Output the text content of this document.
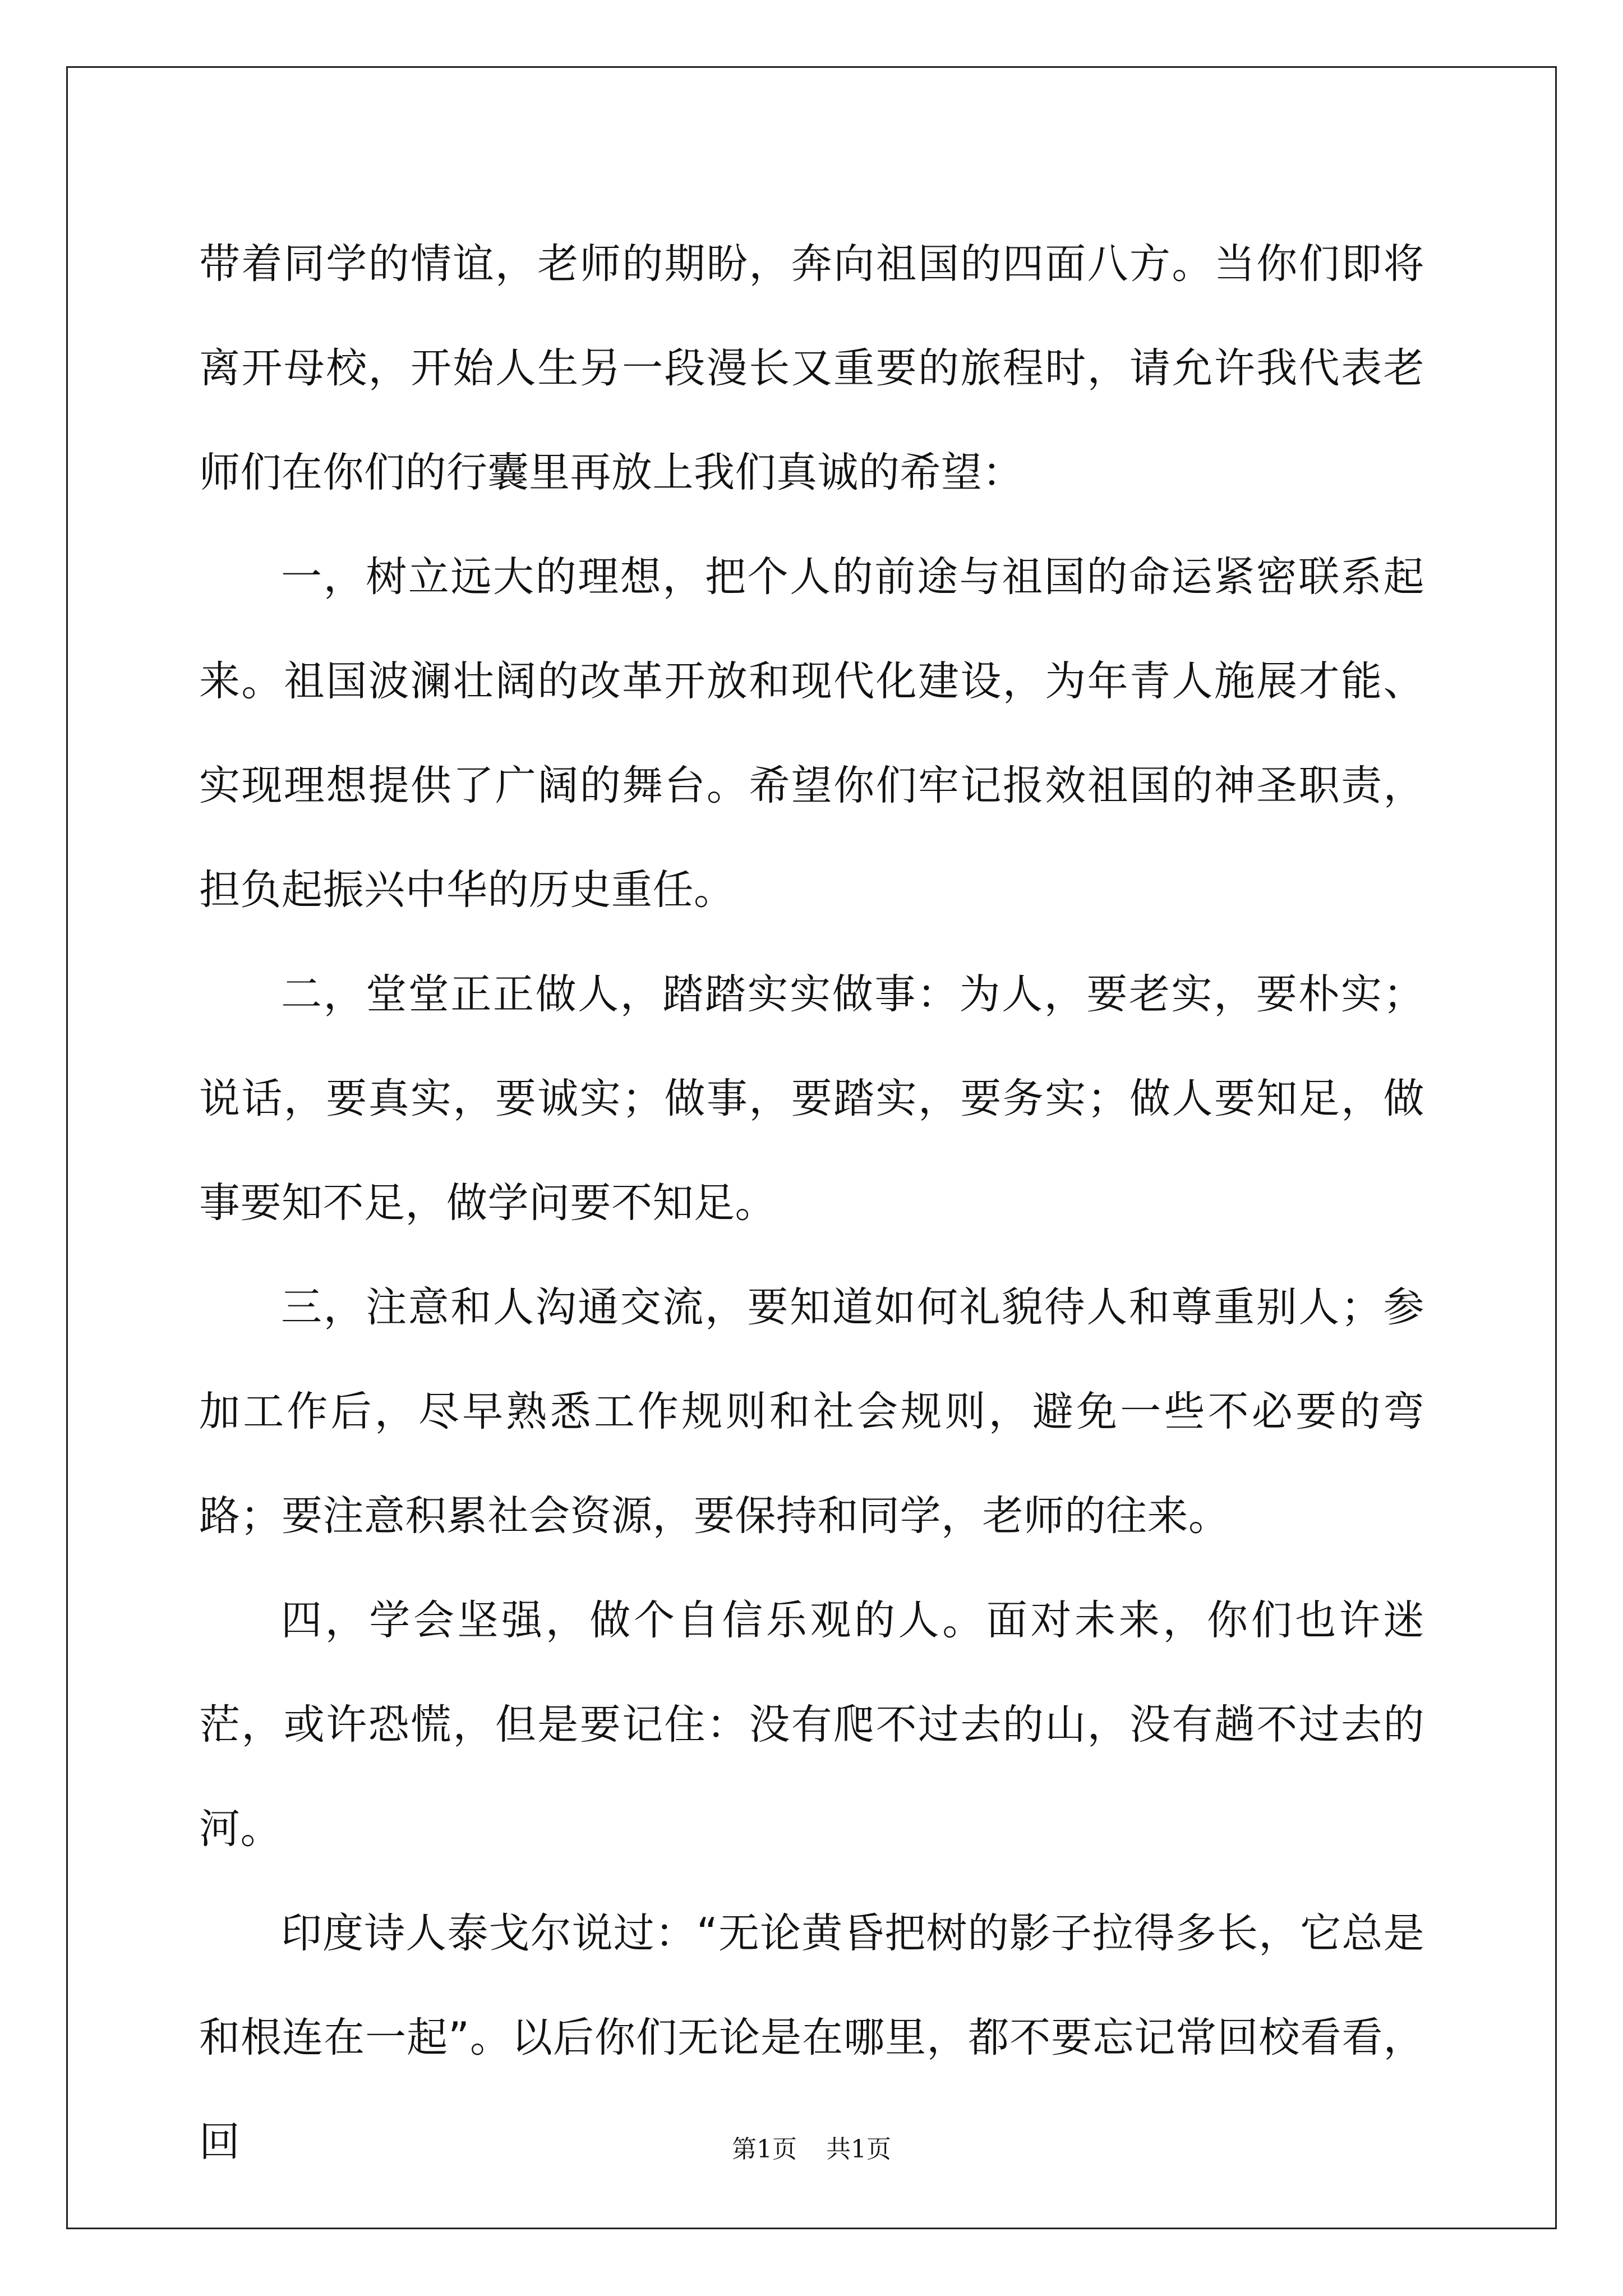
带着同学的情谊，老师的期盼，奔向祖国的四面八方。当你们即将离开母校，开始人生另一段漫长又重要的旅程时，请允许我代表老师们在你们的行囊里再放上我们真诚的希望：

一，树立远大的理想，把个人的前途与祖国的命运紧密联系起来。祖国波澜壮阔的改革开放和现代化建设，为年青人施展才能、实现理想提供了广阔的舞台。希望你们牢记报效祖国的神圣职责，担负起振兴中华的历史重任。

二，堂堂正正做人，踏踏实实做事：为人，要老实，要朴实；说话，要真实，要诚实；做事，要踏实，要务实；做人要知足，做事要知不足，做学问要不知足。

三，注意和人沟通交流，要知道如何礼貌待人和尊重别人；参加工作后，尽早熟悉工作规则和社会规则，避免一些不必要的弯路；要注意积累社会资源，要保持和同学，老师的往来。

四，学会坚强，做个自信乐观的人。面对未来，你们也许迷茫，或许恐慌，但是要记住：没有爬不过去的山，没有趟不过去的河。

印度诗人泰戈尔说过：“无论黄昏把树的影子拉得多长，它总是和根连在一起”。以后你们无论是在哪里，都不要忘记常回校看看，回	第1页 共1页
